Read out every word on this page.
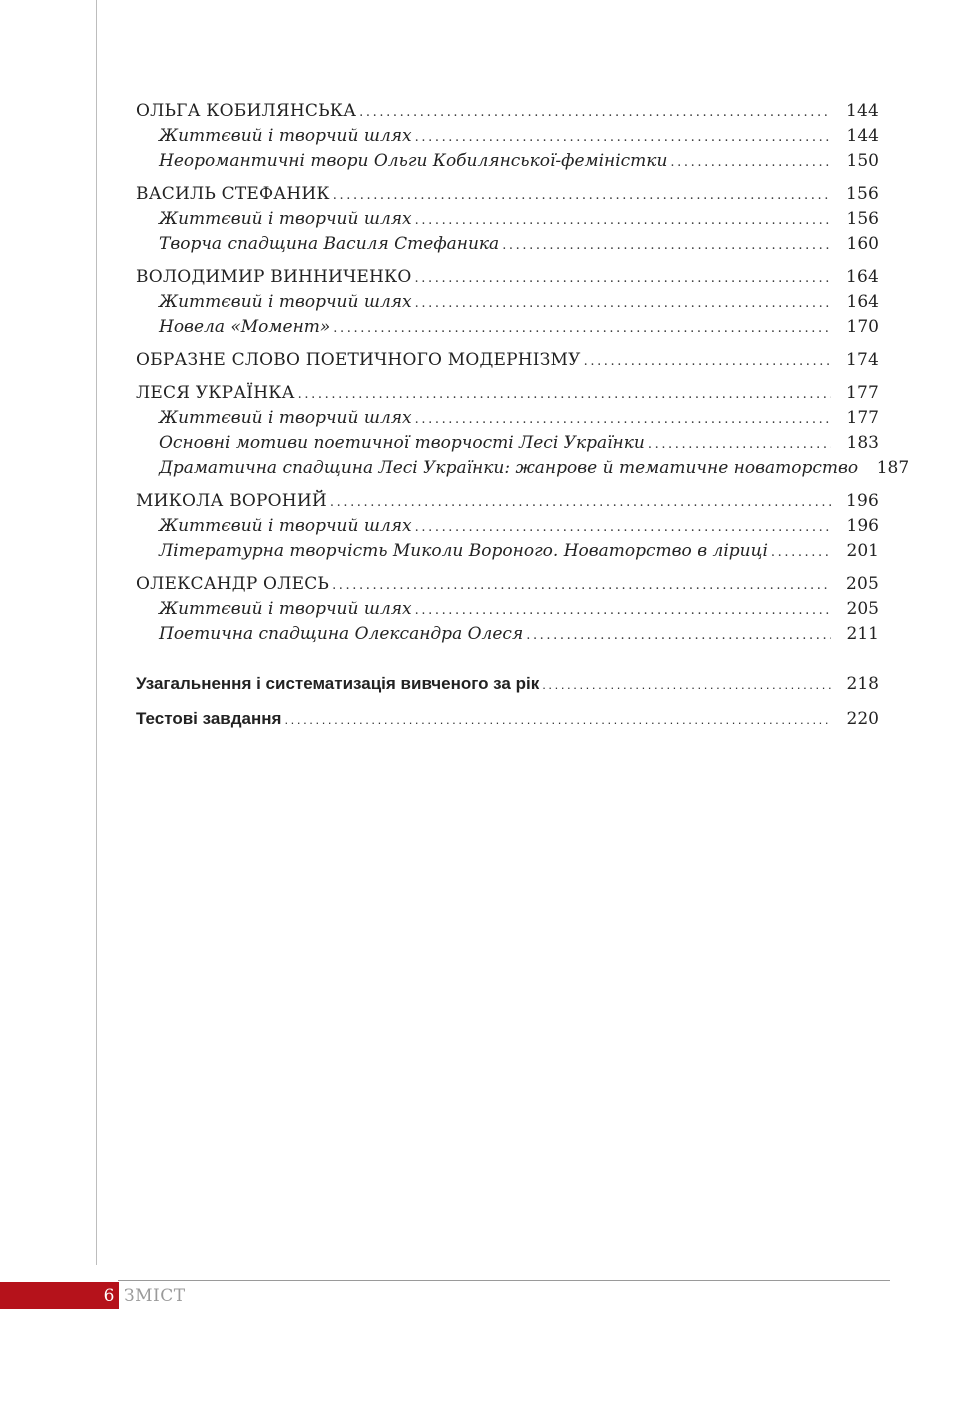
ОЛЬГА КОБИЛЯНСЬКА .....	144
Життєвий і творчий шлях .....	144
Неоромантичні твори Ольги Кобилянської-феміністки .....	150
ВАСИЛЬ СТЕФАНИК .....	156
Життєвий і творчий шлях .....	156
Творча спадщина Василя Стефаника .....	160
ВОЛОДИМИР ВИННИЧЕНКО .....	164
Життєвий і творчий шлях .....	164
Новела «Момент» .....	170
ОБРАЗНЕ СЛОВО ПОЕТИЧНОГО МОДЕРНІЗМУ .....	174
ЛЕСЯ УКРАЇНКА .....	177
Життєвий і творчий шлях .....	177
Основні мотиви поетичної творчості Лесі Українки .....	183
Драматична спадщина Лесі Українки: жанрове й тематичне новаторство	187
МИКОЛА ВОРОНИЙ .....	196
Життєвий і творчий шлях .....	196
Літературна творчість Миколи Вороного. Новаторство в ліриці .....	201
ОЛЕКСАНДР ОЛЕСЬ .....	205
Життєвий і творчий шлях .....	205
Поетична спадщина Олександра Олеся .....	211
Узагальнення і систематизація вивченого за рік .....	218
Тестові завдання .....	220
6 ЗМІСТ
